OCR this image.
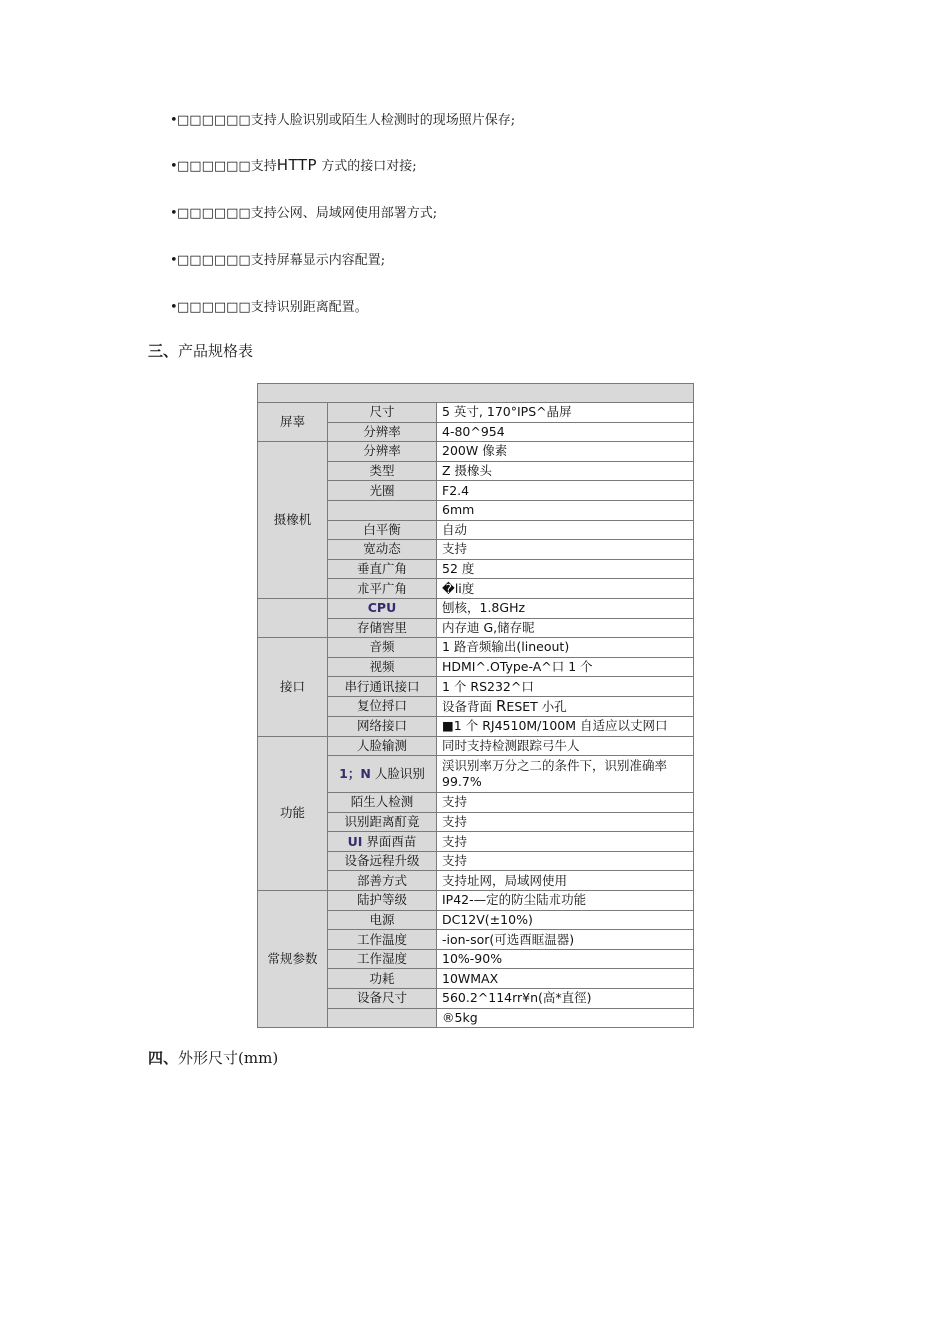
•□□□□□□支持人脸识别或陌生人检测时的现场照片保存;
•□□□□□□支持HTTP 方式的接口对接;
•□□□□□□支持公网、局域网使用部署方式;
•□□□□□□支持屏幕显示内容配置;
•□□□□□□支持识别距离配置。
三、产品规格表

屏辜	尺寸	5 英寸, 170°IPS^晶屏
	分辨率	4-80^954
摄橡机	分辨率	200W 像素
	类型	Z 摄橡头
	光圈	F2.4
		6mm
	白平衡	自动
	宽动态	支持
	垂直广角	52 度
	朮平广角	�li度
	CPU	刨核，1.8GHz
	存储窖里	内存迪 G,储存昵
接口	音频	1 路音频输出(lineout)
	视频	HDMI^.OType-A^口 1 个
	串行通讯接口	1 个 RS232^口
	复位捋口	设备背面 RESET 小孔
	网络接口	■1 个 RJ4510M/100M 自适应以丈网口
功能	人脸输测	同时支持检测跟踪弓牛人
	1；N 人脸识别	渓识别率万分之二的条件下，识别准确率 99.7%
	陌生人检测	支持
	识别距离酊竟	支持
	UI 界面酉苗	支持
	设备远程升级	支持
	部善方式	支持址网，局域网使用
常规参数	陆护等级	IP42-—定的防尘陆朮功能
	电源	DC12V(±10%)
	工作温度	-ion-sor(可选酉眶温器)
	工作湿度	10%-90%
	功耗	10WMAX
	设备尺寸	560.2^114rr¥n(高*直徑)
		®5kg
四、外形尺寸(mm)
